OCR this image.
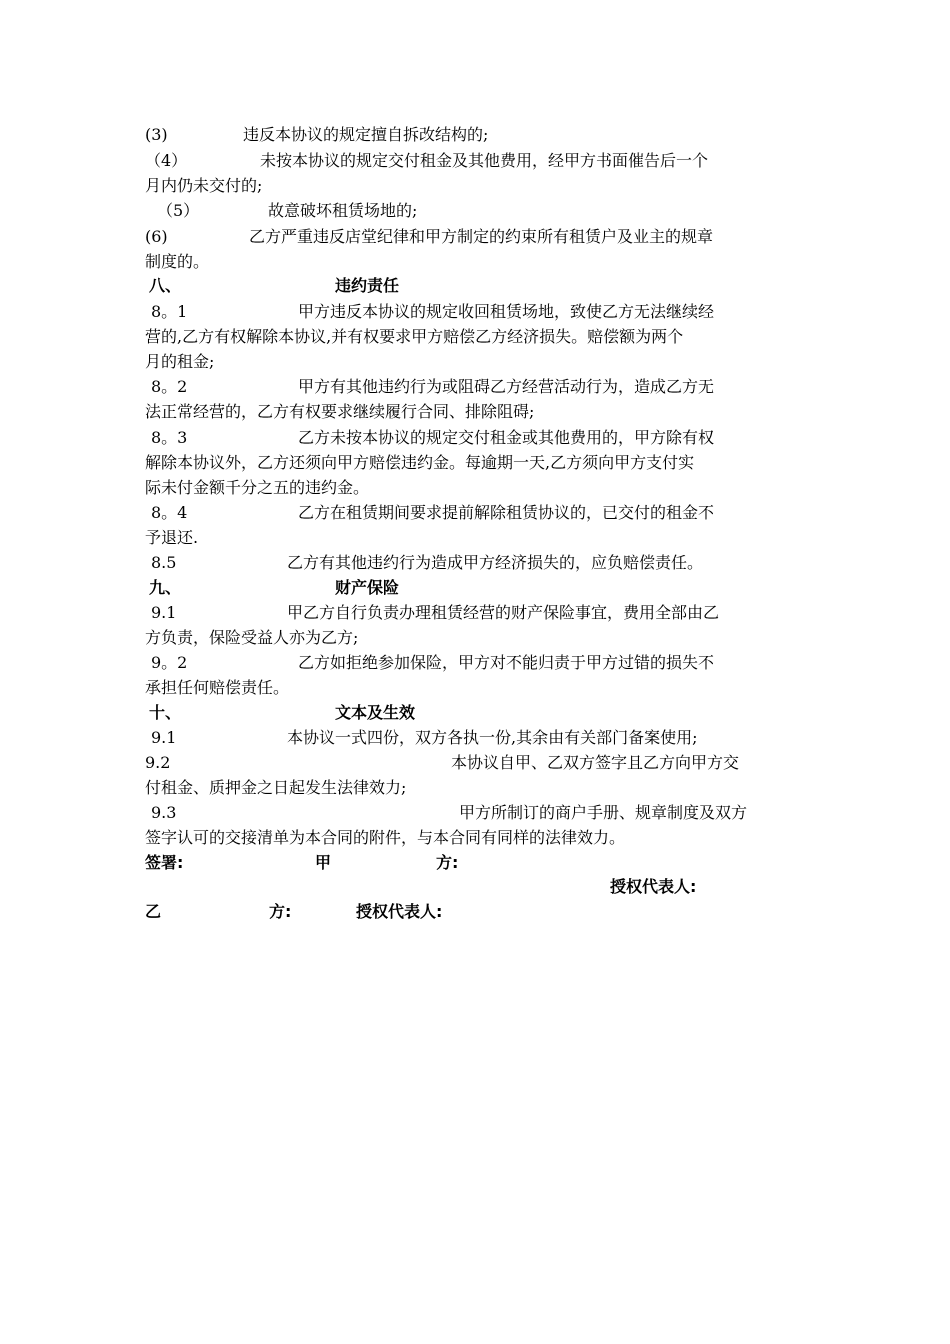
(3)	违反本协议的规定擅自拆改结构的;
（4）	未按本协议的规定交付租金及其他费用，经甲方书面催告后一个
月内仍未交付的;
（5）	故意破坏租赁场地的;
(6)	乙方严重违反店堂纪律和甲方制定的约束所有租赁户及业主的规章
制度的。
八、	违约责任
8。1	甲方违反本协议的规定收回租赁场地，致使乙方无法继续经
营的,乙方有权解除本协议,并有权要求甲方赔偿乙方经济损失。赔偿额为两个
月的租金;
8。2	甲方有其他违约行为或阻碍乙方经营活动行为，造成乙方无
法正常经营的，乙方有权要求继续履行合同、排除阻碍;
8。3	乙方未按本协议的规定交付租金或其他费用的，甲方除有权
解除本协议外，乙方还须向甲方赔偿违约金。每逾期一天,乙方须向甲方支付实
际未付金额千分之五的违约金。
8。4	乙方在租赁期间要求提前解除租赁协议的，已交付的租金不
予退还.
8.5	乙方有其他违约行为造成甲方经济损失的，应负赔偿责任。
九、	财产保险
9.1	甲乙方自行负责办理租赁经营的财产保险事宜，费用全部由乙
方负责，保险受益人亦为乙方;
9。2	乙方如拒绝参加保险，甲方对不能归责于甲方过错的损失不
承担任何赔偿责任。
十、	文本及生效
9.1	本协议一式四份，双方各执一份,其余由有关部门备案使用;
9.2	本协议自甲、乙双方签字且乙方向甲方交
付租金、质押金之日起发生法律效力;
9.3	甲方所制订的商户手册、规章制度及双方
签字认可的交接清单为本合同的附件，与本合同有同样的法律效力。
签署:	甲	方:
授权代表人:
乙	方:	授权代表人:
